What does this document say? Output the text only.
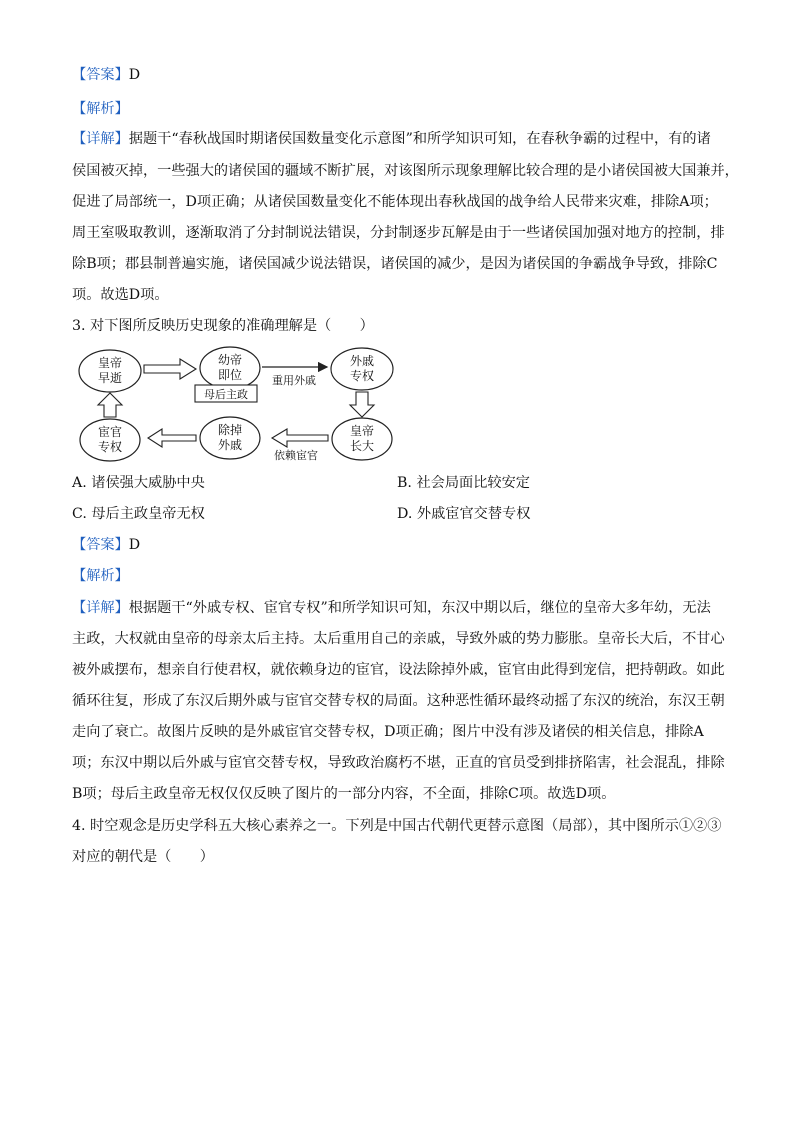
【答案】D
【解析】
【详解】据题干“春秋战国时期诸侯国数量变化示意图”和所学知识可知，在春秋争霸的过程中，有的诸
侯国被灭掉，一些强大的诸侯国的疆域不断扩展，对该图所示现象理解比较合理的是小诸侯国被大国兼并，
促进了局部统一，D项正确；从诸侯国数量变化不能体现出春秋战国的战争给人民带来灾难，排除A项；
周王室吸取教训，逐渐取消了分封制说法错误，分封制逐步瓦解是由于一些诸侯国加强对地方的控制，排
除B项；郡县制普遍实施，诸侯国减少说法错误，诸侯国的减少，是因为诸侯国的争霸战争导致，排除C
项。故选D项。
3. 对下图所反映历史现象的准确理解是（　　）
皇帝
早逝
幼帝
即位
外戚
专权
皇帝
长大
除掉
外戚
宦官
专权
重用外戚
母后主政
依赖宦官
A. 诸侯强大威胁中央	B. 社会局面比较安定
C. 母后主政皇帝无权	D. 外戚宦官交替专权
【答案】D
【解析】
【详解】根据题干“外戚专权、宦官专权”和所学知识可知，东汉中期以后，继位的皇帝大多年幼，无法
主政，大权就由皇帝的母亲太后主持。太后重用自己的亲戚，导致外戚的势力膨胀。皇帝长大后，不甘心
被外戚摆布，想亲自行使君权，就依赖身边的宦官，设法除掉外戚，宦官由此得到宠信，把持朝政。如此
循环往复，形成了东汉后期外戚与宦官交替专权的局面。这种恶性循环最终动摇了东汉的统治，东汉王朝
走向了衰亡。故图片反映的是外戚宦官交替专权，D项正确；图片中没有涉及诸侯的相关信息，排除A
项；东汉中期以后外戚与宦官交替专权，导致政治腐朽不堪，正直的官员受到排挤陷害，社会混乱，排除
B项；母后主政皇帝无权仅仅反映了图片的一部分内容，不全面，排除C项。故选D项。
4. 时空观念是历史学科五大核心素养之一。下列是中国古代朝代更替示意图（局部），其中图所示①②③
对应的朝代是（　　）
